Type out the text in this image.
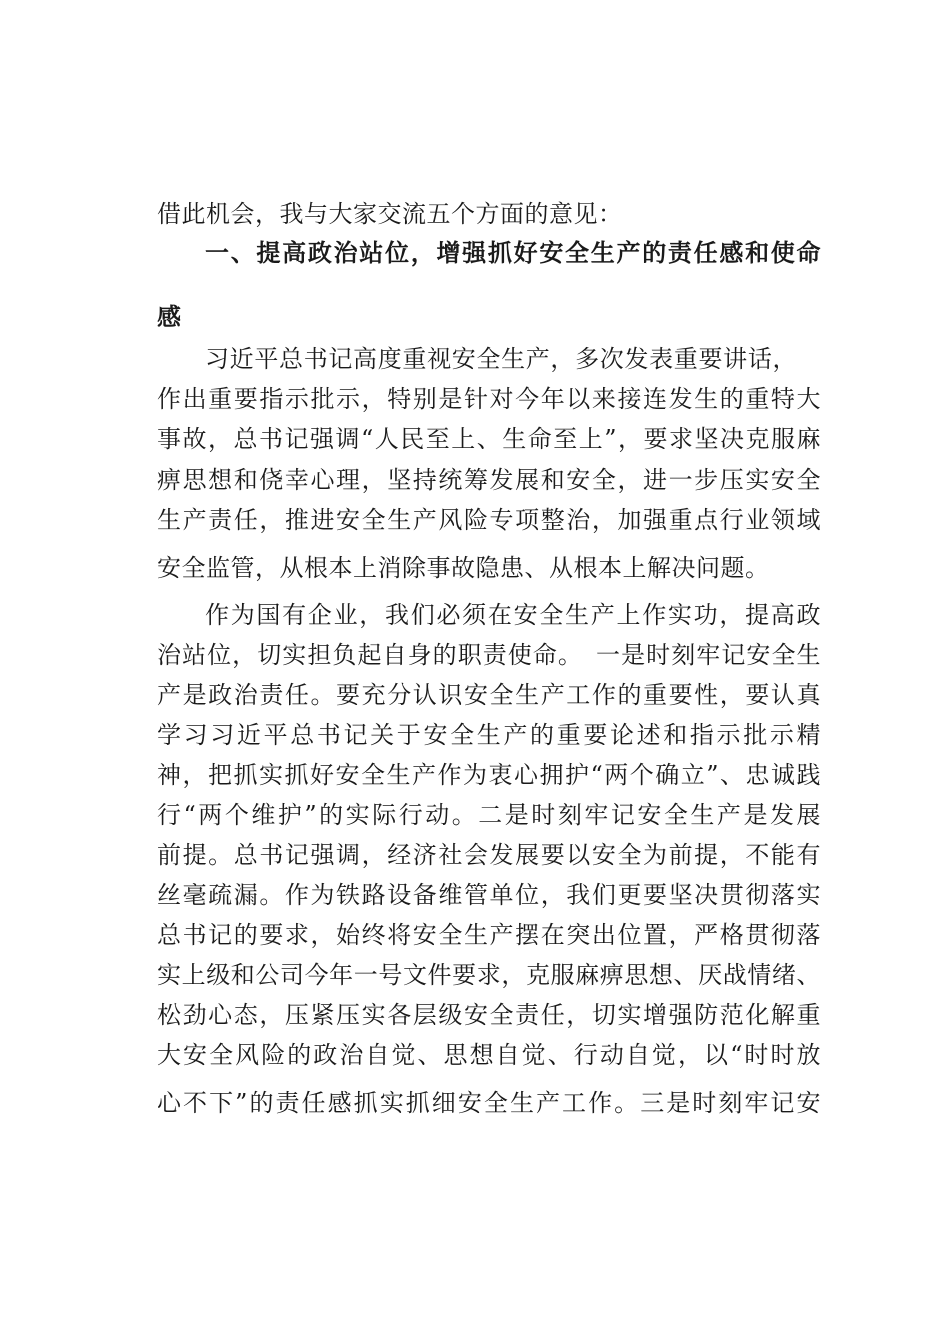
借此机会，我与大家交流五个方面的意见：
一、提高政治站位，增强抓好安全生产的责任感和使命
感
习近平总书记高度重视安全生产，多次发表重要讲话，
作出重要指示批示，特别是针对今年以来接连发生的重特大
事故，总书记强调“人民至上、生命至上”，要求坚决克服麻
痹思想和侥幸心理，坚持统筹发展和安全，进一步压实安全
生产责任，推进安全生产风险专项整治，加强重点行业领域
安全监管，从根本上消除事故隐患、从根本上解决问题。
作为国有企业，我们必须在安全生产上作实功，提高政
治站位，切实担负起自身的职责使命。　一是时刻牢记安全生
产是政治责任。要充分认识安全生产工作的重要性，要认真
学习习近平总书记关于安全生产的重要论述和指示批示精
神，把抓实抓好安全生产作为衷心拥护“两个确立”、忠诚践
行“两个维护”的实际行动。二是时刻牢记安全生产是发展
前提。总书记强调，经济社会发展要以安全为前提，不能有
丝毫疏漏。作为铁路设备维管单位，我们更要坚决贯彻落实
总书记的要求，始终将安全生产摆在突出位置，严格贯彻落
实上级和公司今年一号文件要求，克服麻痹思想、厌战情绪、
松劲心态，压紧压实各层级安全责任，切实增强防范化解重
大安全风险的政治自觉、思想自觉、行动自觉，以“时时放
心不下”的责任感抓实抓细安全生产工作。三是时刻牢记安
